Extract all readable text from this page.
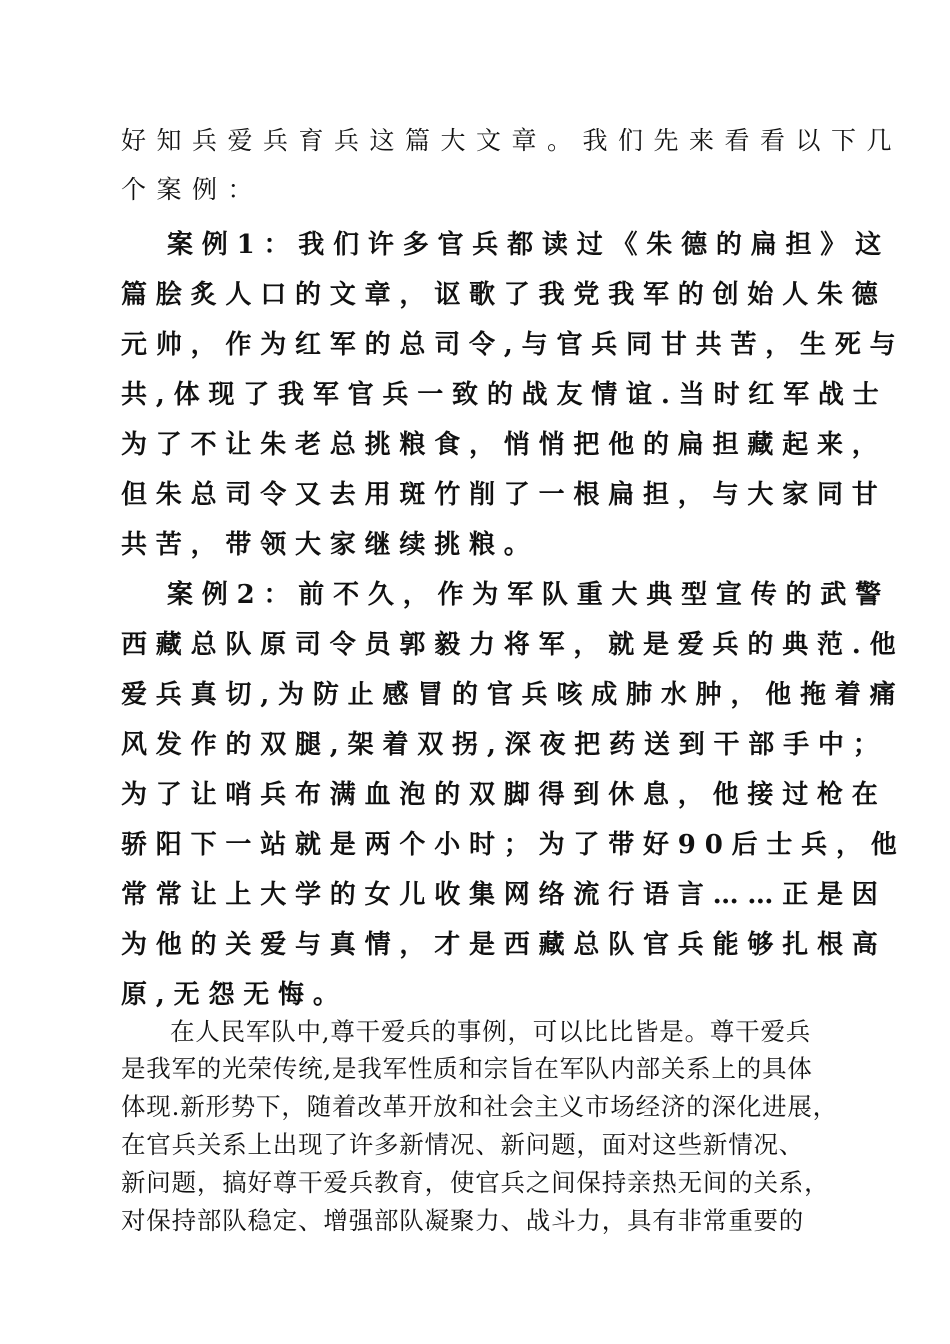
好知兵爱兵育兵这篇大文章。我们先来看看以下几
个案例：
案例1：我们许多官兵都读过《朱德的扁担》这
篇脍炙人口的文章，讴歌了我党我军的创始人朱德
元帅，作为红军的总司令,与官兵同甘共苦，生死与
共,体现了我军官兵一致的战友情谊.当时红军战士
为了不让朱老总挑粮食，悄悄把他的扁担藏起来，
但朱总司令又去用斑竹削了一根扁担，与大家同甘
共苦，带领大家继续挑粮。
案例2：前不久，作为军队重大典型宣传的武警
西藏总队原司令员郭毅力将军，就是爱兵的典范.他
爱兵真切,为防止感冒的官兵咳成肺水肿，他拖着痛
风发作的双腿,架着双拐,深夜把药送到干部手中；
为了让哨兵布满血泡的双脚得到休息，他接过枪在
骄阳下一站就是两个小时；为了带好90后士兵，他
常常让上大学的女儿收集网络流行语言……正是因
为他的关爱与真情，才是西藏总队官兵能够扎根高
原,无怨无悔。
在人民军队中,尊干爱兵的事例，可以比比皆是。尊干爱兵
是我军的光荣传统,是我军性质和宗旨在军队内部关系上的具体
体现.新形势下，随着改革开放和社会主义市场经济的深化进展，
在官兵关系上出现了许多新情况、新问题，面对这些新情况、
新问题，搞好尊干爱兵教育，使官兵之间保持亲热无间的关系，
对保持部队稳定、增强部队凝聚力、战斗力，具有非常重要的
